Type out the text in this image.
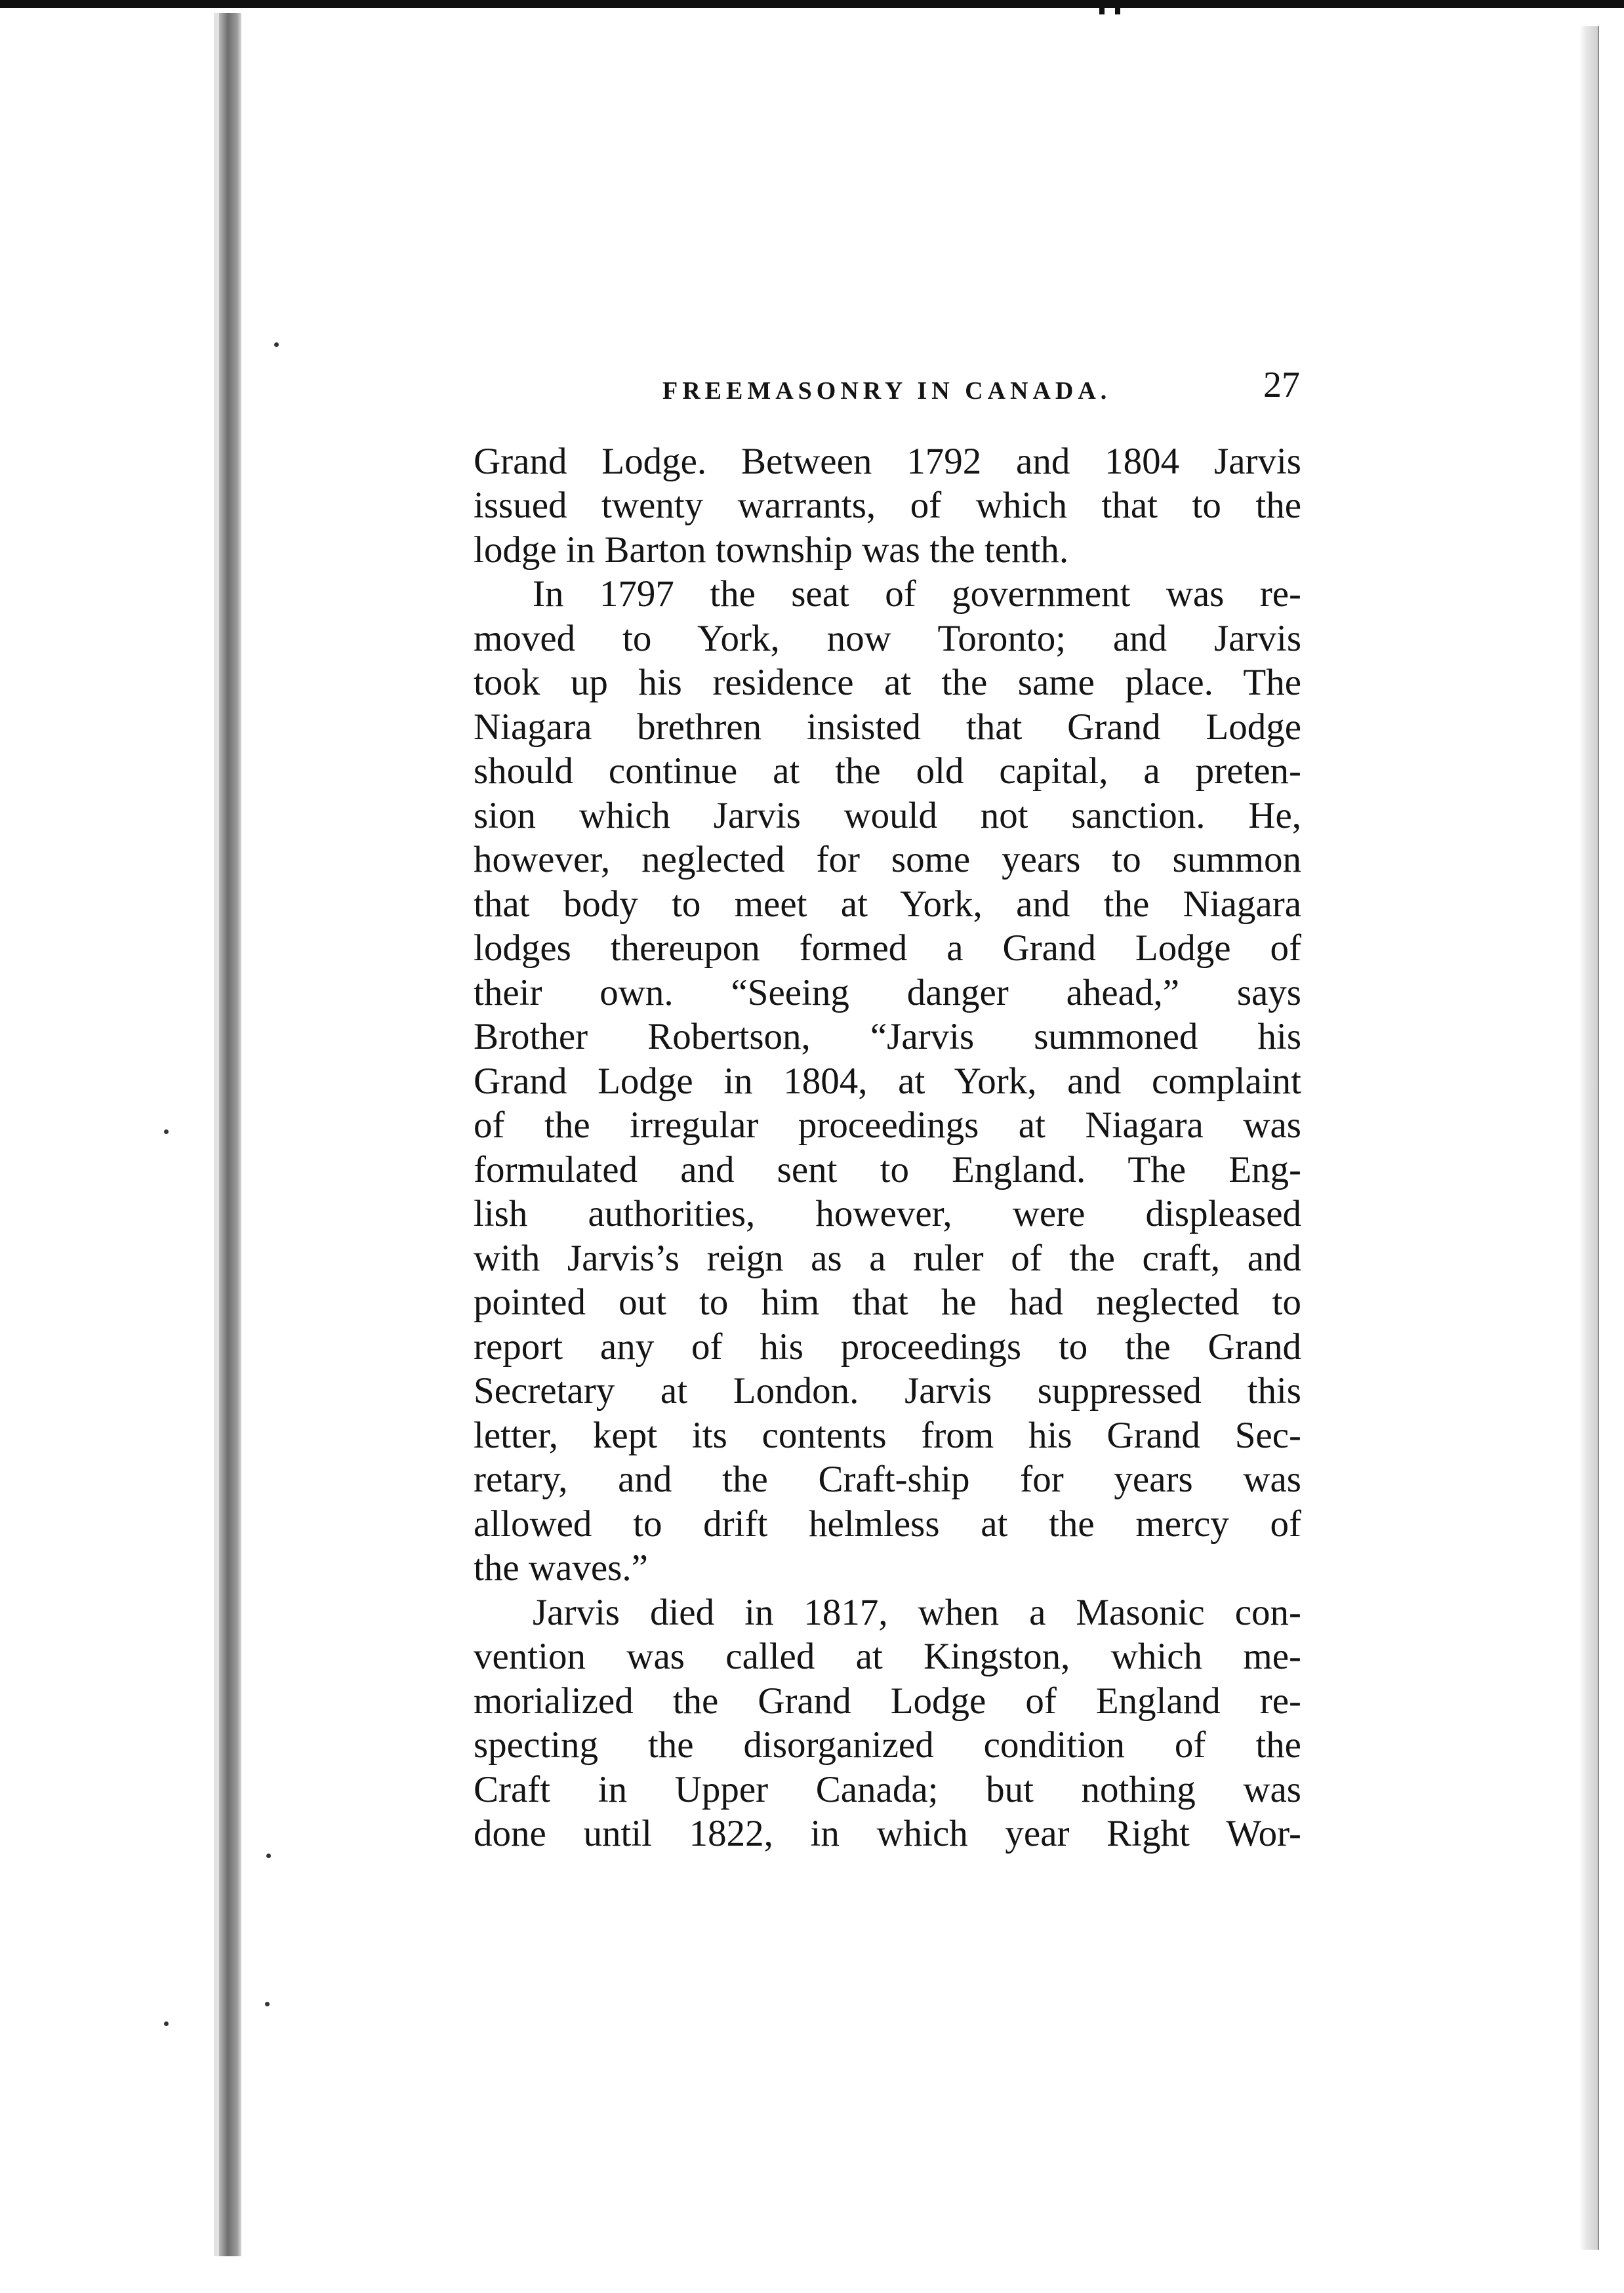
FREEMASONRY IN CANADA.	27
Grand Lodge. Between 1792 and 1804 Jarvis
issued twenty warrants, of which that to the
lodge in Barton township was the tenth.
In 1797 the seat of government was re-
moved to York, now Toronto; and Jarvis
took up his residence at the same place. The
Niagara brethren insisted that Grand Lodge
should continue at the old capital, a preten-
sion which Jarvis would not sanction. He,
however, neglected for some years to summon
that body to meet at York, and the Niagara
lodges thereupon formed a Grand Lodge of
their own. “Seeing danger ahead,” says
Brother Robertson, “Jarvis summoned his
Grand Lodge in 1804, at York, and complaint
of the irregular proceedings at Niagara was
formulated and sent to England. The Eng-
lish authorities, however, were displeased
with Jarvis’s reign as a ruler of the craft, and
pointed out to him that he had neglected to
report any of his proceedings to the Grand
Secretary at London. Jarvis suppressed this
letter, kept its contents from his Grand Sec-
retary, and the Craft-ship for years was
allowed to drift helmless at the mercy of
the waves.”
Jarvis died in 1817, when a Masonic con-
vention was called at Kingston, which me-
morialized the Grand Lodge of England re-
specting the disorganized condition of the
Craft in Upper Canada; but nothing was
done until 1822, in which year Right Wor-
